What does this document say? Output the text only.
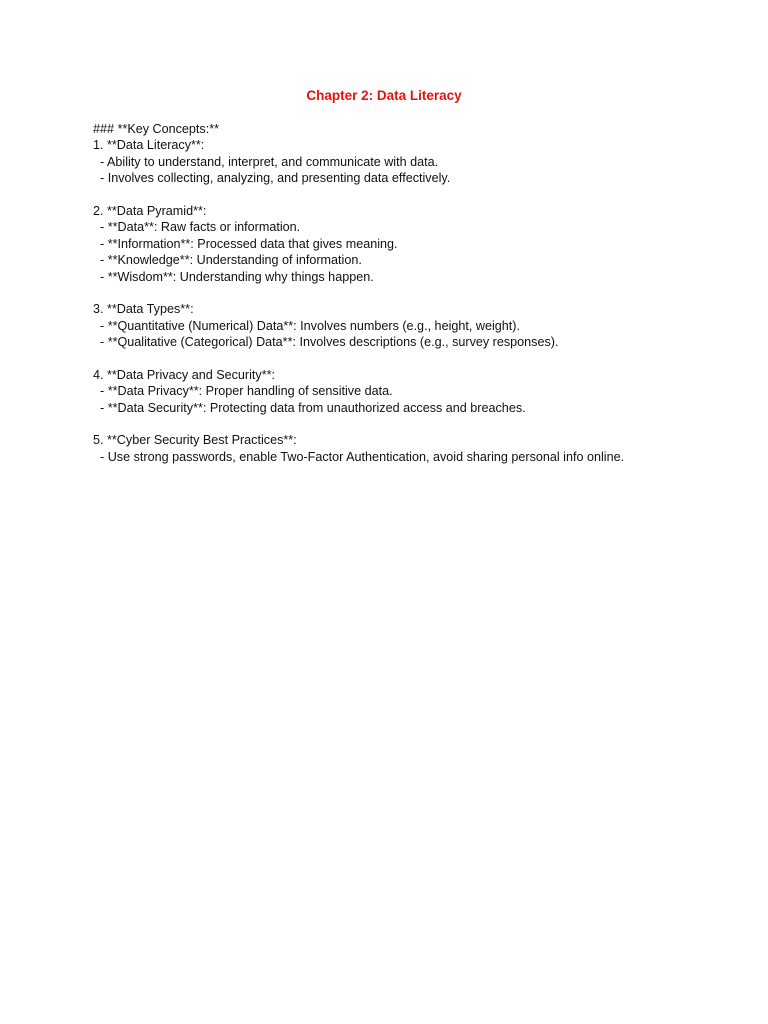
Chapter 2: Data Literacy
### **Key Concepts:**
1. **Data Literacy**:
- Ability to understand, interpret, and communicate with data.
- Involves collecting, analyzing, and presenting data effectively.
2. **Data Pyramid**:
- **Data**: Raw facts or information.
- **Information**: Processed data that gives meaning.
- **Knowledge**: Understanding of information.
- **Wisdom**: Understanding why things happen.
3. **Data Types**:
- **Quantitative (Numerical) Data**: Involves numbers (e.g., height, weight).
- **Qualitative (Categorical) Data**: Involves descriptions (e.g., survey responses).
4. **Data Privacy and Security**:
- **Data Privacy**: Proper handling of sensitive data.
- **Data Security**: Protecting data from unauthorized access and breaches.
5. **Cyber Security Best Practices**:
- Use strong passwords, enable Two-Factor Authentication, avoid sharing personal info online.
